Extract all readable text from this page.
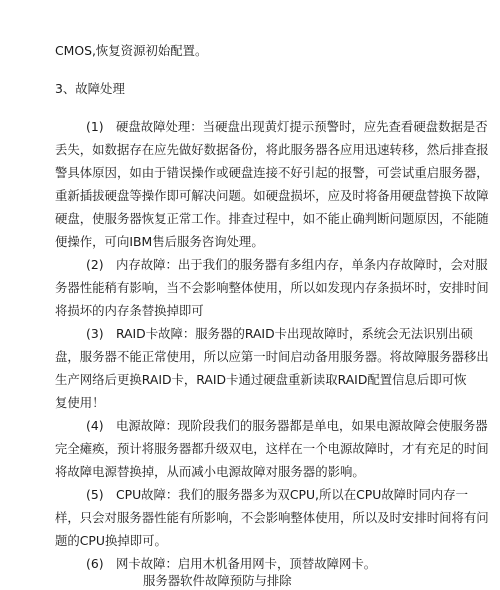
CMOS,恢复资源初始配置。
3、故障处理
(1)　硬盘故障处理：当硬盘出现黄灯提示预警时，应先查看硬盘数据是否
丢失，如数据存在应先做好数据备份，将此服务器各应用迅速转移，然后排查报
警具体原因，如由于错误操作或硬盘连接不好引起的报警，可尝试重启服务器，
重新插拔硬盘等操作即可解决问题。如硬盘损坏，应及时将备用硬盘替换下故障
硬盘，使服务器恢复正常工作。排查过程中，如不能止确判断问题原因，不能随
便操作，可向IBM售后服务咨询处理。
(2)　内存故障：出于我们的服务器有多组内存，单条内存故障时，会对服
务器性能稍有影响，当不会影响整体使用，所以如发现内存条损坏时，安排时间
将损坏的内存条替换掉即可
(3)　RAID卡故障：服务器的RAID卡出现故障时，系统会无法识别出硕
盘，服务器不能正常使用，所以应第一时间启动备用服务器。将故障服务器移出
生产网络后更换RAID卡，RAID卡通过硬盘重新读取RAID配置信息后即可恢
复使用！
(4)　电源故障：现阶段我们的服务器都是单电，如果电源故障会使服务器
完全瘫痪，预计将服务器都升级双电，这样在一个电源故障时，才有充足的时间
将故障电源替换掉，从而减小电源故障对服务器的影响。
(5)　CPU故障：我们的服务器多为双CPU,所以在CPU故障时同内存一
样，只会对服务器性能有所影响，不会影响整体使用，所以及时安排时间将有问
题的CPU换掉即可。
(6)　网卡故障：启用木机备用网卡，顶替故障网卡。
服务器软件故障预防与排除
